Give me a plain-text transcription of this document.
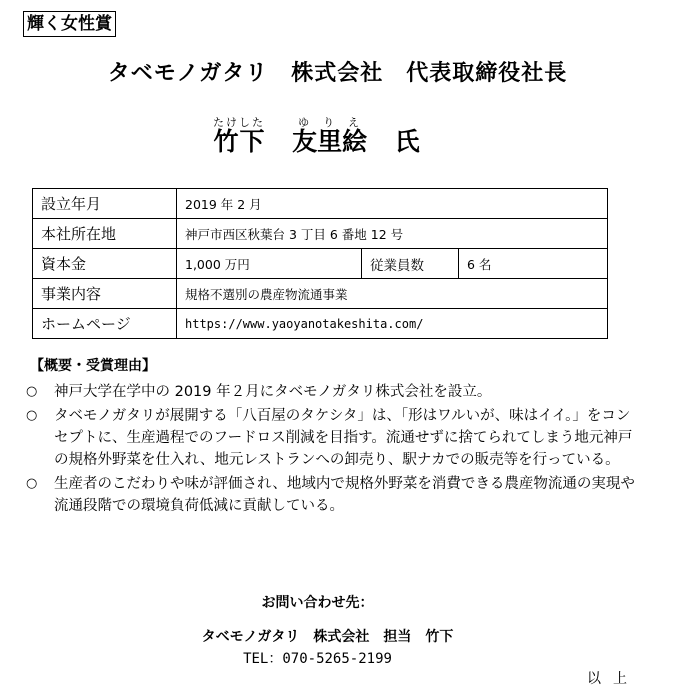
輝く女性賞
タベモノガタリ　株式会社　代表取締役社長
竹下たけした 友里絵ゆりえ 氏
設立年月	2019 年 2 月		
本社所在地	神戸市西区秋葉台 3 丁目 6 番地 12 号		
資本金	1,000 万円	従業員数	6 名
事業内容	規格不選別の農産物流通事業		
ホームページ	https://www.yaoyanotakeshita.com/		
【概要・受賞理由】
○	神戸大学在学中の 2019 年２月にタベモノガタリ株式会社を設立。
○	タベモノガタリが展開する「八百屋のタケシタ」は、「形はワルいが、味はイイ。」をコンセプトに、生産過程でのフードロス削減を目指す。流通せずに捨てられてしまう地元神戸の規格外野菜を仕入れ、地元レストランへの卸売り、駅ナカでの販売等を行っている。
○	生産者のこだわりや味が評価され、地域内で規格外野菜を消費できる農産物流通の実現や流通段階での環境負荷低減に貢献している。
お問い合わせ先：
タベモノガタリ　株式会社　担当　竹下
TEL：070-5265-2199
以上
